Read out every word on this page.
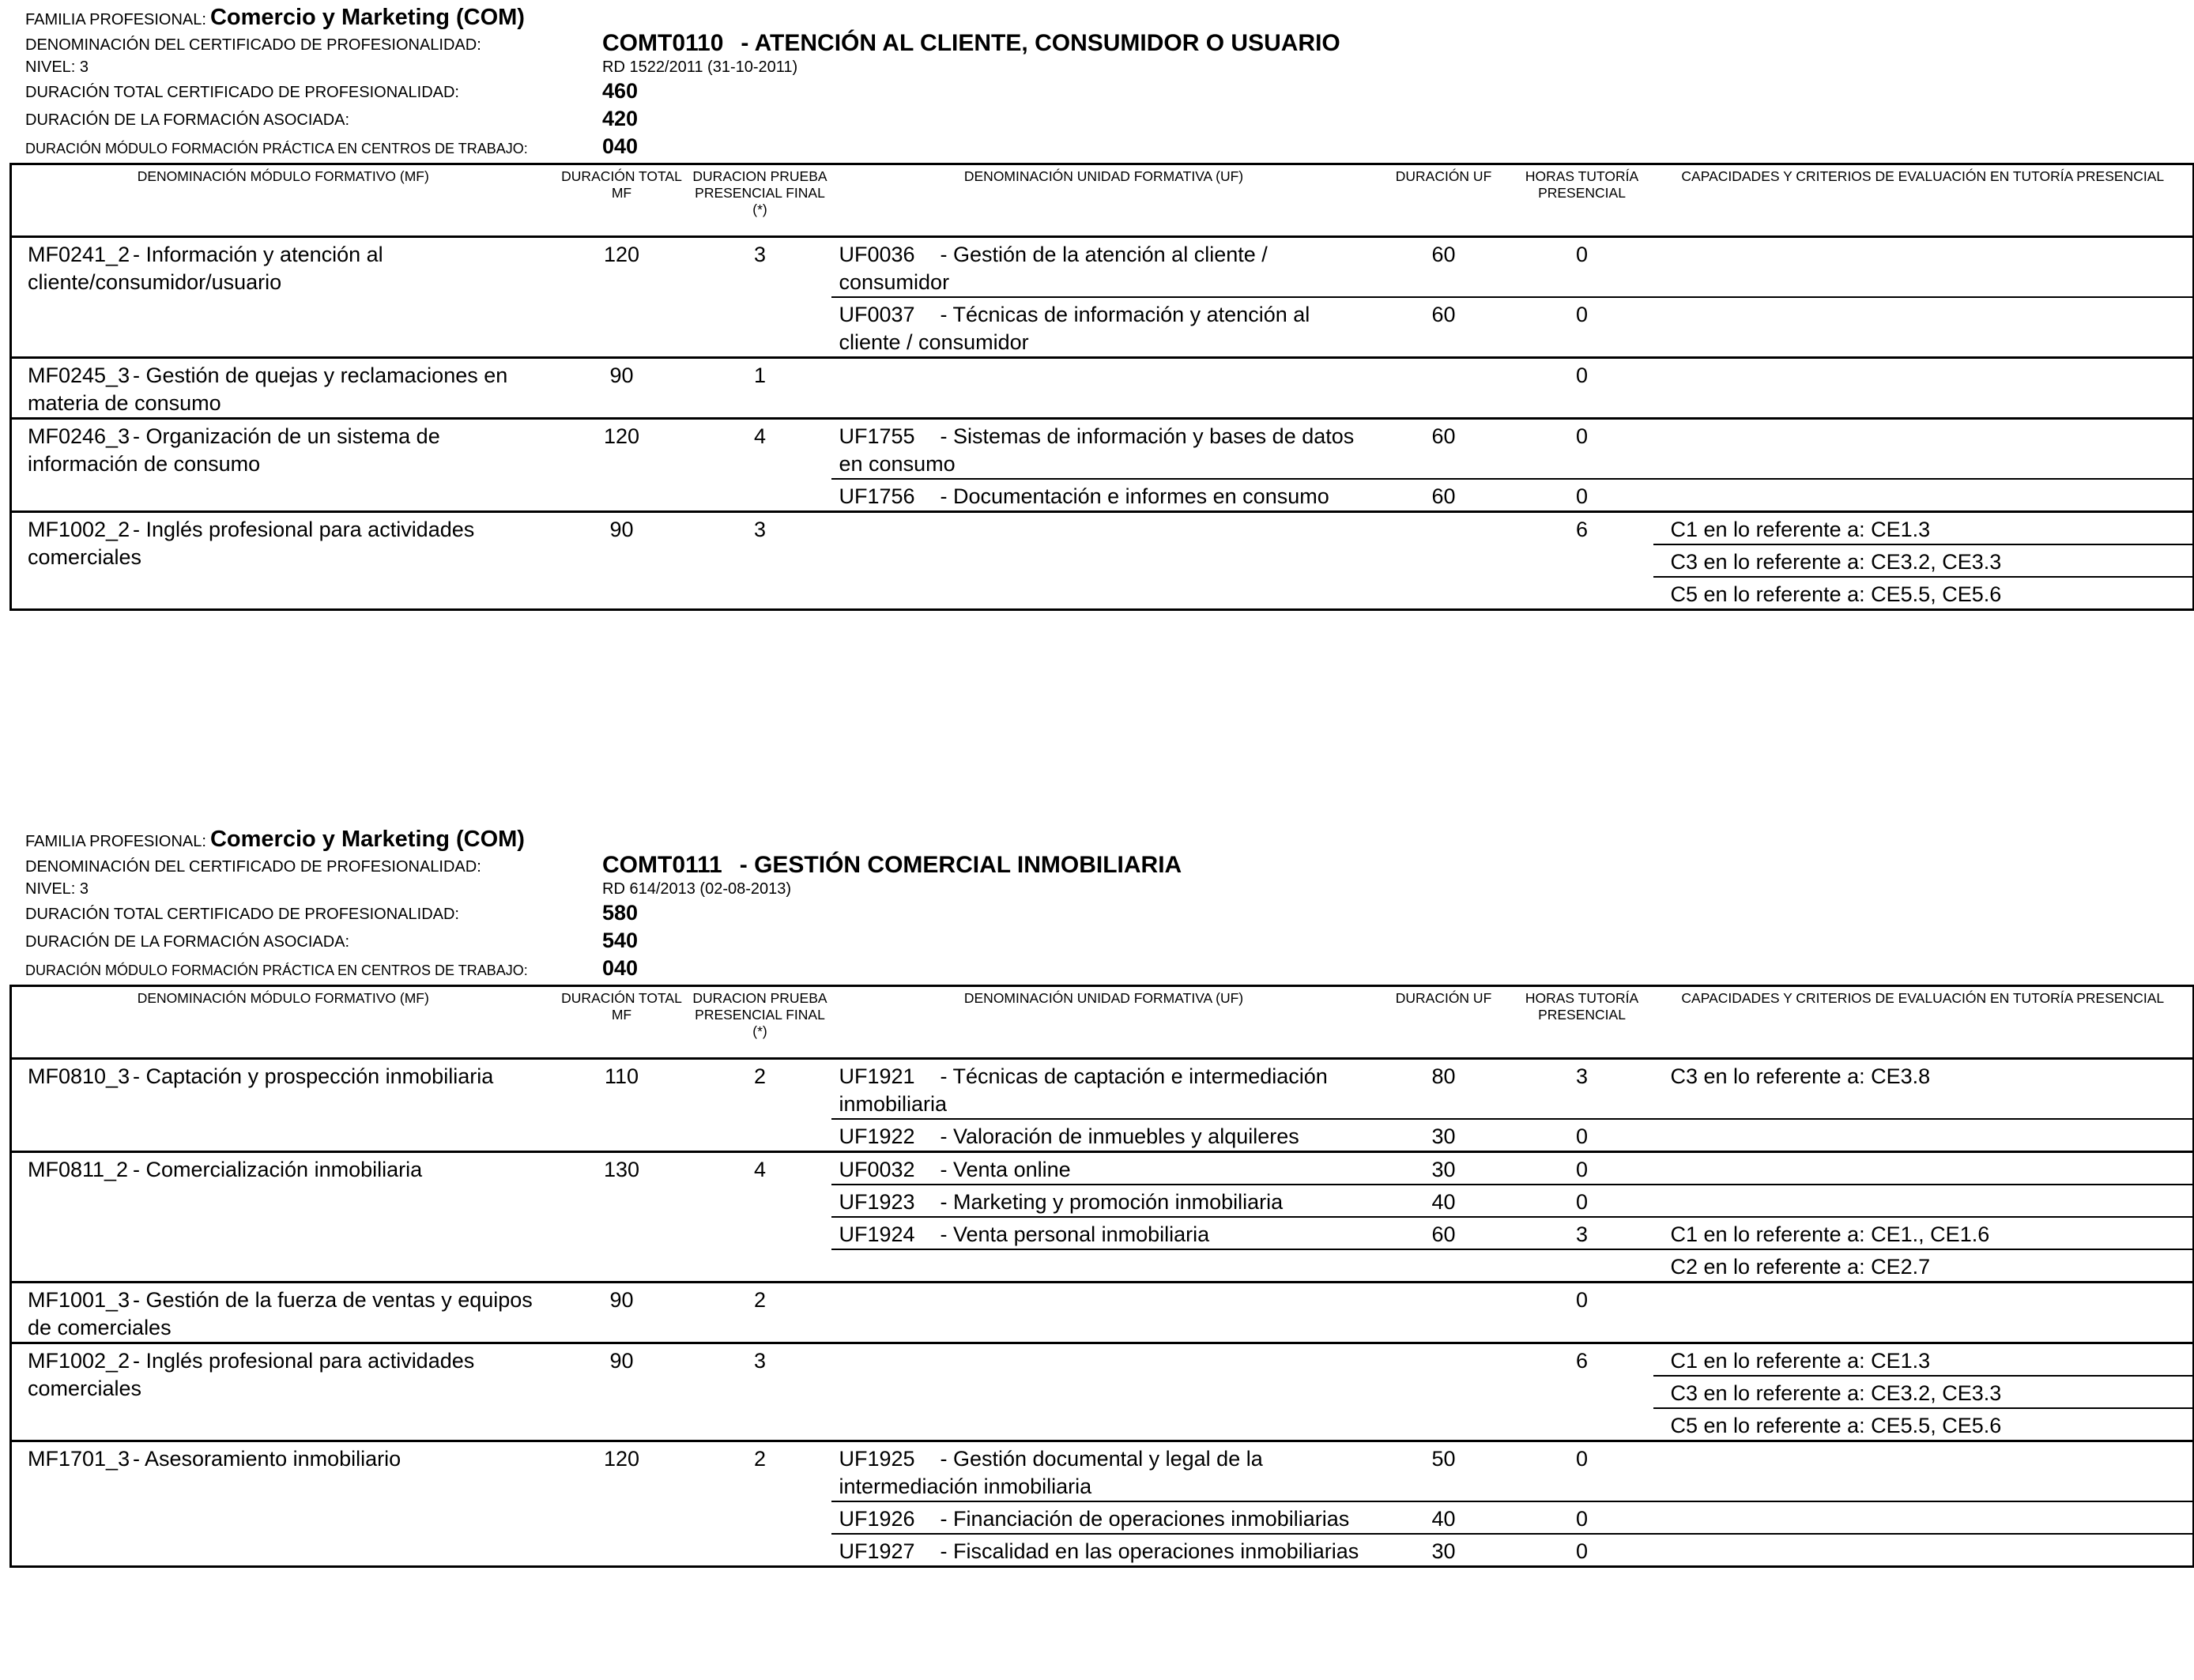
FAMILIA PROFESIONAL: Comercio y Marketing (COM)
DENOMINACIÓN DEL CERTIFICADO DE PROFESIONALIDAD:	COMT0110 - ATENCIÓN AL CLIENTE, CONSUMIDOR O USUARIO
NIVEL: 3	RD 1522/2011 (31-10-2011)
DURACIÓN TOTAL CERTIFICADO DE PROFESIONALIDAD:	460
DURACIÓN DE LA FORMACIÓN ASOCIADA:	420
DURACIÓN MÓDULO FORMACIÓN PRÁCTICA EN CENTROS DE TRABAJO:	040
DENOMINACIÓN MÓDULO FORMATIVO (MF)	DURACIÓN TOTAL MF	DURACION PRUEBA PRESENCIAL FINAL (*)	DENOMINACIÓN UNIDAD FORMATIVA (UF)	DURACIÓN UF	HORAS TUTORÍA PRESENCIAL	CAPACIDADES Y CRITERIOS DE EVALUACIÓN EN TUTORÍA PRESENCIAL
MF0241_2 - Información y atención al cliente/consumidor/usuario	120	3	UF0036 - Gestión de la atención al cliente / consumidor	60	0	
			UF0037 - Técnicas de información y atención al cliente / consumidor	60	0	
MF0245_3 - Gestión de quejas y reclamaciones en materia de consumo	90	1			0	
MF0246_3 - Organización de un sistema de información de consumo	120	4	UF1755 - Sistemas de información y bases de datos en consumo	60	0	
			UF1756 - Documentación e informes en consumo	60	0	
MF1002_2 - Inglés profesional para actividades comerciales	90	3			6	C1 en lo referente a: CE1.3
						C3 en lo referente a: CE3.2, CE3.3
						C5 en lo referente a: CE5.5, CE5.6
FAMILIA PROFESIONAL: Comercio y Marketing (COM)
DENOMINACIÓN DEL CERTIFICADO DE PROFESIONALIDAD:	COMT0111 - GESTIÓN COMERCIAL INMOBILIARIA
NIVEL: 3	RD 614/2013 (02-08-2013)
DURACIÓN TOTAL CERTIFICADO DE PROFESIONALIDAD:	580
DURACIÓN DE LA FORMACIÓN ASOCIADA:	540
DURACIÓN MÓDULO FORMACIÓN PRÁCTICA EN CENTROS DE TRABAJO:	040
DENOMINACIÓN MÓDULO FORMATIVO (MF)	DURACIÓN TOTAL MF	DURACION PRUEBA PRESENCIAL FINAL (*)	DENOMINACIÓN UNIDAD FORMATIVA (UF)	DURACIÓN UF	HORAS TUTORÍA PRESENCIAL	CAPACIDADES Y CRITERIOS DE EVALUACIÓN EN TUTORÍA PRESENCIAL
MF0810_3 - Captación y prospección inmobiliaria	110	2	UF1921 - Técnicas de captación e intermediación inmobiliaria	80	3	C3 en lo referente a: CE3.8
			UF1922 - Valoración de inmuebles y alquileres	30	0	
MF0811_2 - Comercialización inmobiliaria	130	4	UF0032 - Venta online	30	0	
			UF1923 - Marketing y promoción inmobiliaria	40	0	
			UF1924 - Venta personal inmobiliaria	60	3	C1 en lo referente a: CE1., CE1.6
						C2 en lo referente a: CE2.7
MF1001_3 - Gestión de la fuerza de ventas y equipos de comerciales	90	2			0	
MF1002_2 - Inglés profesional para actividades comerciales	90	3			6	C1 en lo referente a: CE1.3
						C3 en lo referente a: CE3.2, CE3.3
						C5 en lo referente a: CE5.5, CE5.6
MF1701_3 - Asesoramiento inmobiliario	120	2	UF1925 - Gestión documental y legal de la intermediación inmobiliaria	50	0	
			UF1926 - Financiación de operaciones inmobiliarias	40	0	
			UF1927 - Fiscalidad en las operaciones inmobiliarias	30	0	
